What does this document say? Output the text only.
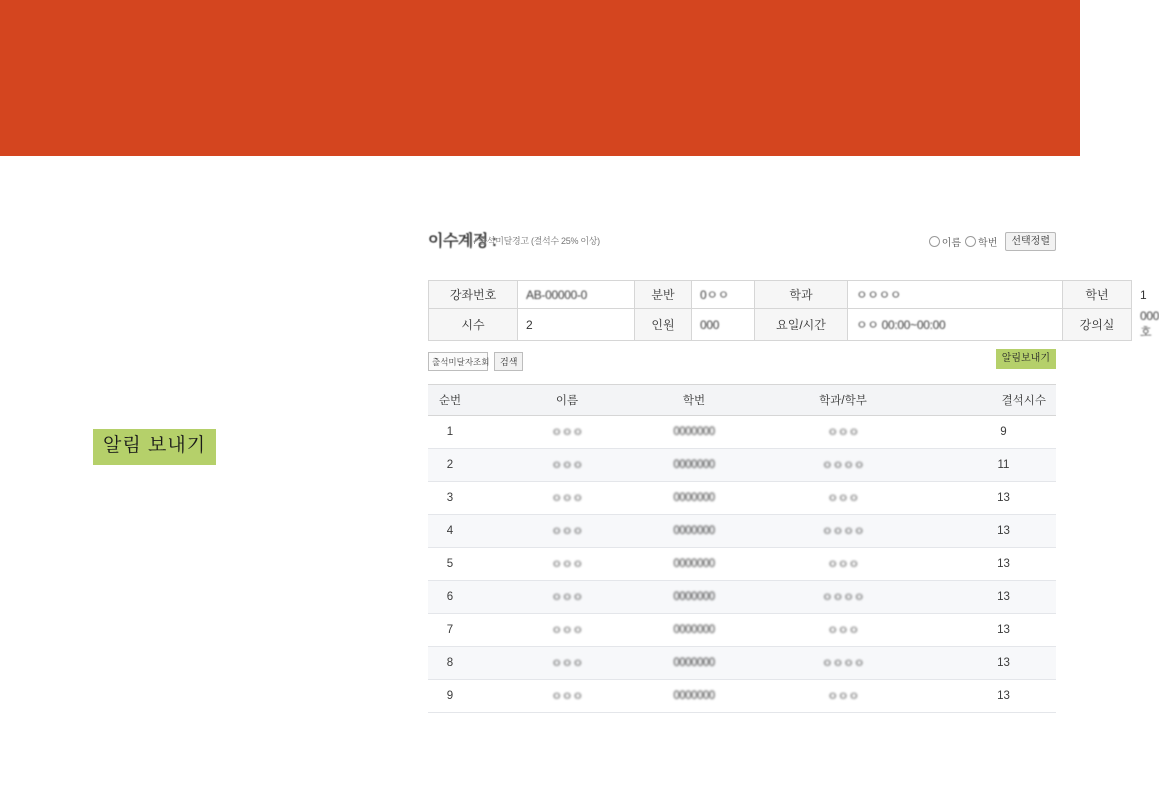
알림 보내기
이수계정 :
/ 출석미달경고 (결석수 25% 이상)	이름 학번	선택정렬
강좌번호	AB-00000-0	분반	0ㅇㅇ	학과	ㅇㅇㅇㅇ	학년	1
시수	2	인원	000	요일/시간	ㅇㅇ 00:00~00:00	강의실	000호
출석미달자조회	검색	알림보내기
순번	이름	학번	학과/학부	결석시수
1	ㅇㅇㅇ	0000000	ㅇㅇㅇ	9
2	ㅇㅇㅇ	0000000	ㅇㅇㅇㅇ	11
3	ㅇㅇㅇ	0000000	ㅇㅇㅇ	13
4	ㅇㅇㅇ	0000000	ㅇㅇㅇㅇ	13
5	ㅇㅇㅇ	0000000	ㅇㅇㅇ	13
6	ㅇㅇㅇ	0000000	ㅇㅇㅇㅇ	13
7	ㅇㅇㅇ	0000000	ㅇㅇㅇ	13
8	ㅇㅇㅇ	0000000	ㅇㅇㅇㅇ	13
9	ㅇㅇㅇ	0000000	ㅇㅇㅇ	13
